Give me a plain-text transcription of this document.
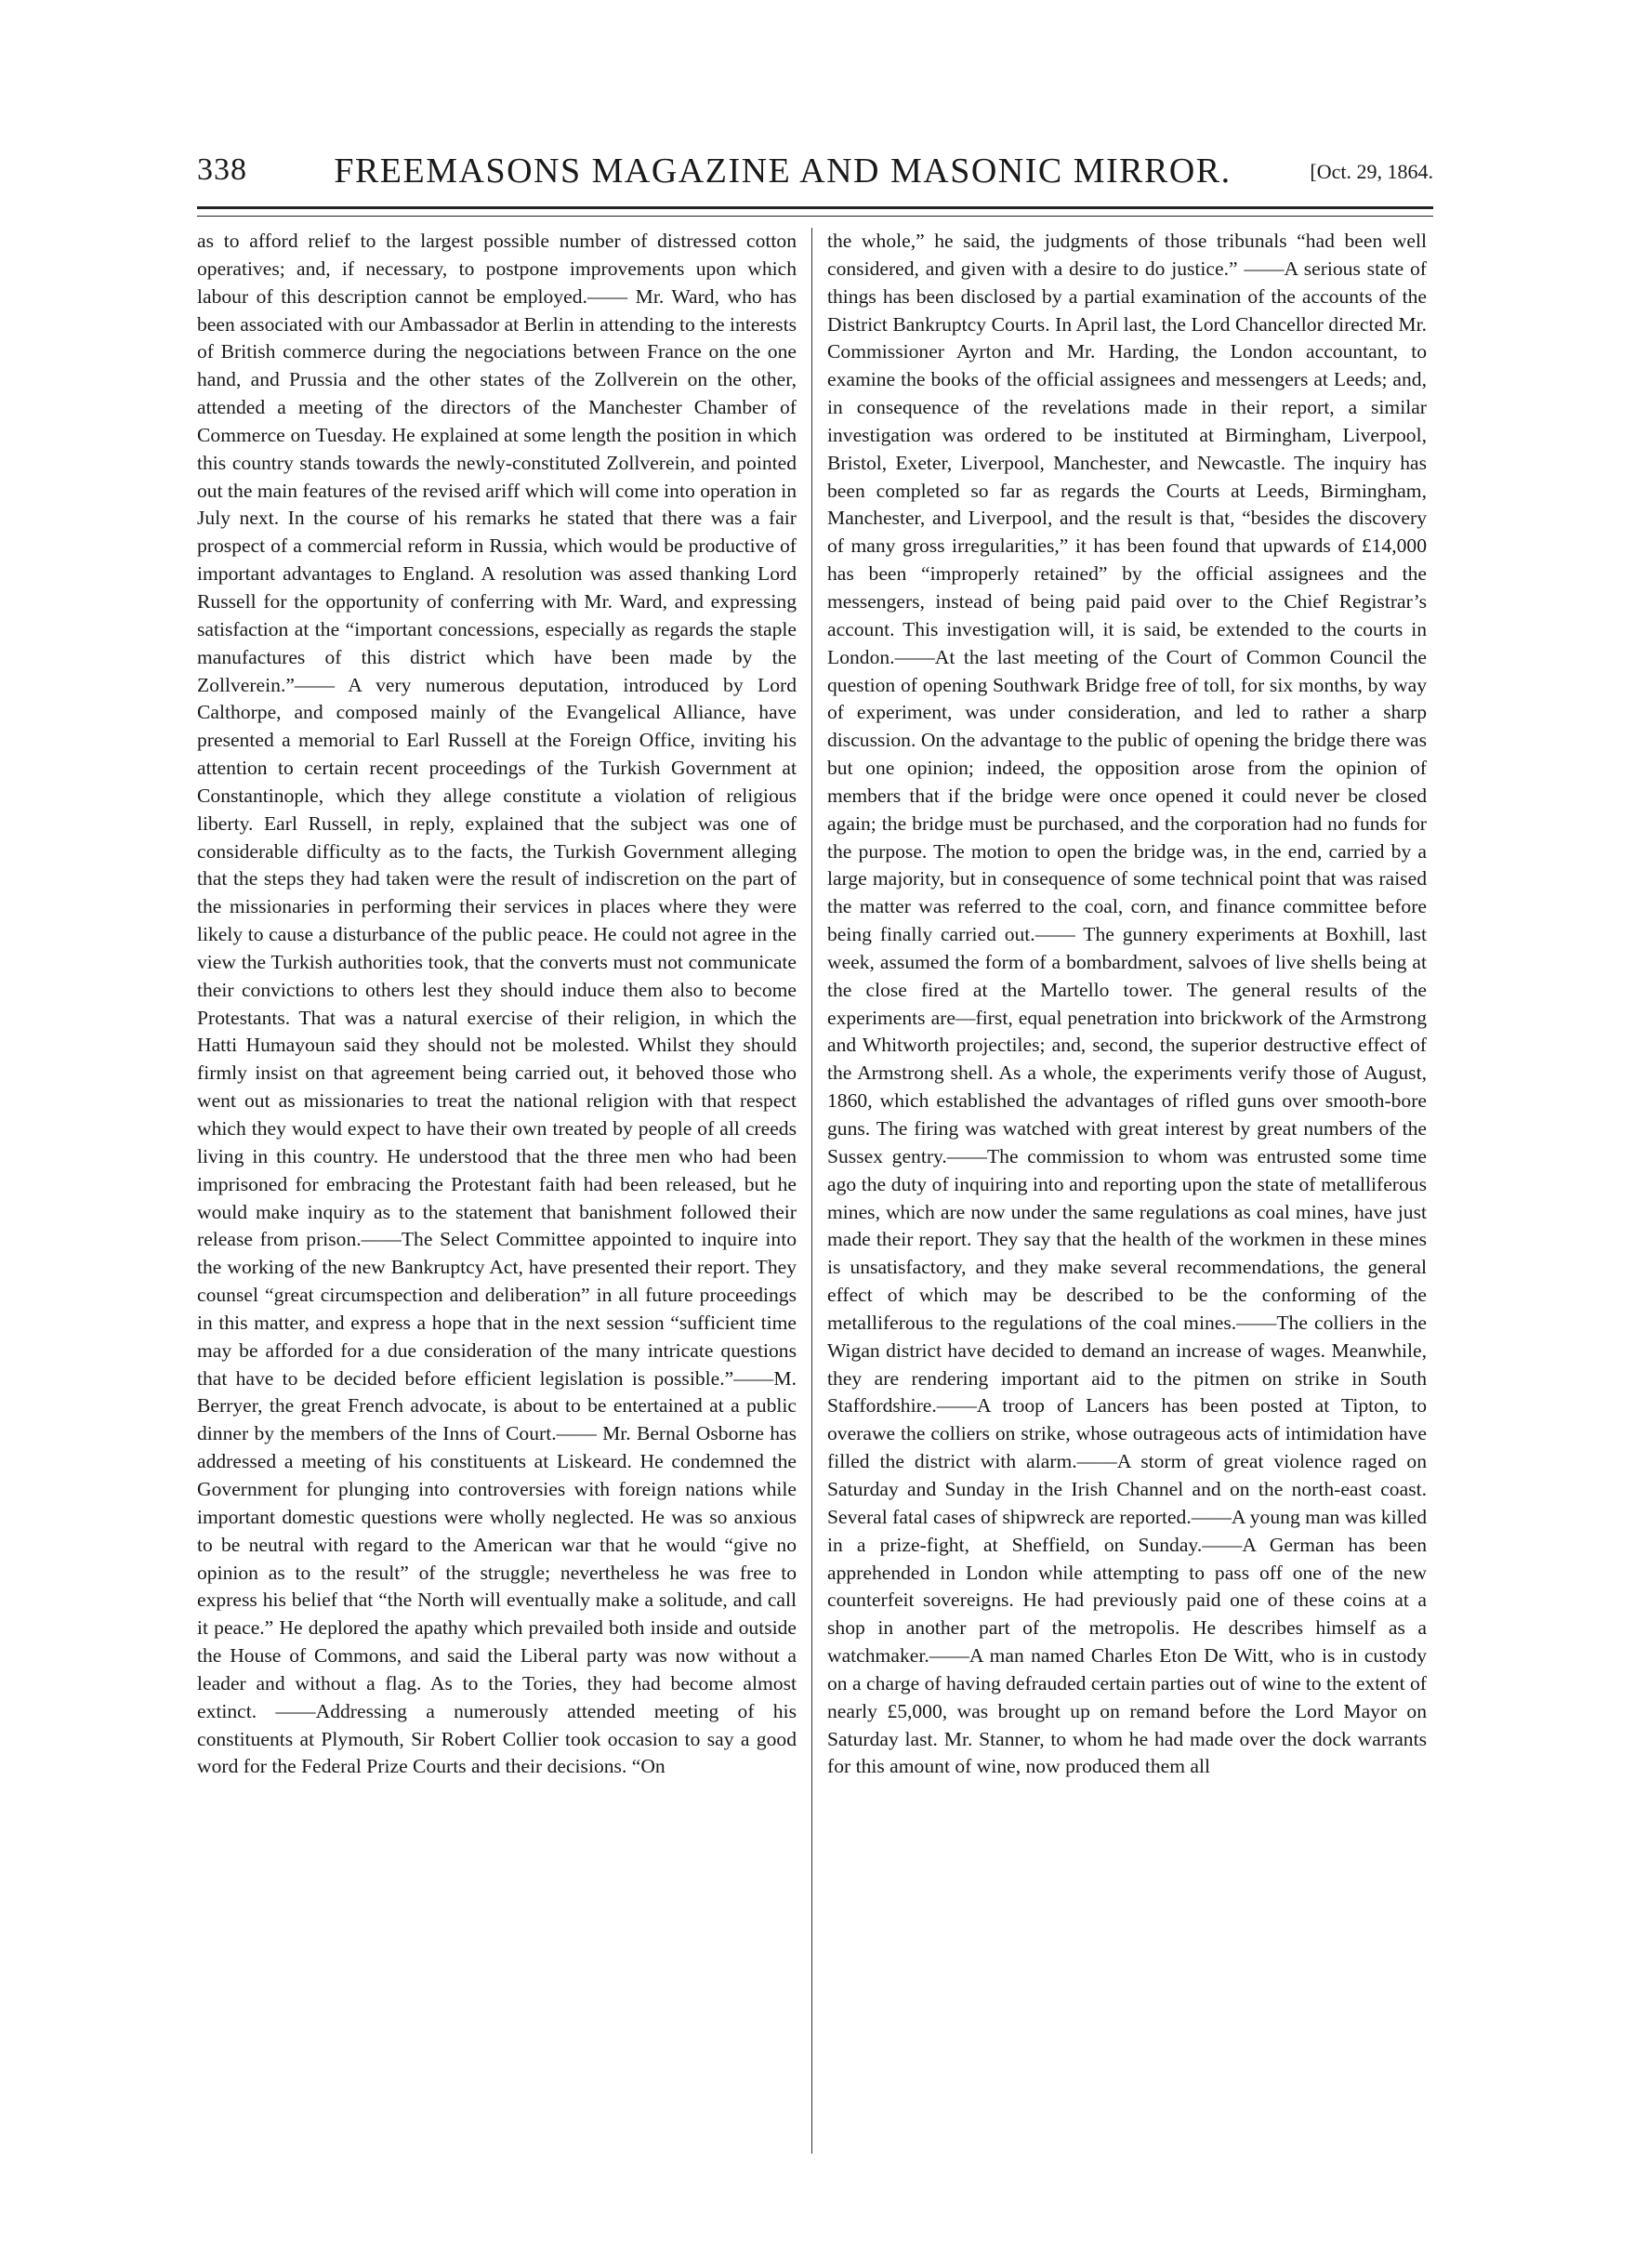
338	FREEMASONS MAGAZINE AND MASONIC MIRROR.	[Oct. 29, 1864.

as to afford relief to the largest possible number of distressed cotton operatives; and, if necessary, to postpone improvements upon which labour of this description cannot be employed.—— Mr. Ward, who has been associated with our Ambassador at Berlin in attending to the interests of British commerce during the negociations between France on the one hand, and Prussia and the other states of the Zollverein on the other, attended a meeting of the directors of the Manchester Chamber of Commerce on Tuesday. He explained at some length the position in which this country stands towards the newly-constituted Zollverein, and pointed out the main features of the revised ariff which will come into operation in July next. In the course of his remarks he stated that there was a fair prospect of a commercial reform in Russia, which would be productive of important advantages to England. A resolution was assed thanking Lord Russell for the opportunity of conferring with Mr. Ward, and expressing satisfaction at the “important concessions, especially as regards the staple manufactures of this district which have been made by the Zollverein.”—— A very numerous deputation, introduced by Lord Calthorpe, and composed mainly of the Evangelical Alliance, have presented a memorial to Earl Russell at the Foreign Office, inviting his attention to certain recent proceedings of the Turkish Government at Constantinople, which they allege constitute a violation of religious liberty. Earl Russell, in reply, explained that the subject was one of considerable difficulty as to the facts, the Turkish Government alleging that the steps they had taken were the result of indiscretion on the part of the missionaries in performing their services in places where they were likely to cause a disturbance of the public peace. He could not agree in the view the Turkish authorities took, that the converts must not communicate their convictions to others lest they should induce them also to become Protestants. That was a natural exercise of their religion, in which the Hatti Humayoun said they should not be molested. Whilst they should firmly insist on that agreement being carried out, it behoved those who went out as missionaries to treat the national religion with that respect which they would expect to have their own treated by people of all creeds living in this country. He understood that the three men who had been imprisoned for embracing the Protestant faith had been released, but he would make inquiry as to the statement that banishment followed their release from prison.——The Select Committee appointed to inquire into the working of the new Bankruptcy Act, have presented their report. They counsel “great circumspection and deliberation” in all future proceedings in this matter, and express a hope that in the next session “sufficient time may be afforded for a due consideration of the many intricate questions that have to be decided before efficient legislation is possible.”——M. Berryer, the great French advocate, is about to be entertained at a public dinner by the members of the Inns of Court.—— Mr. Bernal Osborne has addressed a meeting of his constituents at Liskeard. He condemned the Government for plunging into controversies with foreign nations while important domestic questions were wholly neglected. He was so anxious to be neutral with regard to the American war that he would “give no opinion as to the result” of the struggle; nevertheless he was free to express his belief that “the North will eventually make a solitude, and call it peace.” He deplored the apathy which prevailed both inside and outside the House of Commons, and said the Liberal party was now without a leader and without a flag. As to the Tories, they had become almost extinct. ——Addressing a numerously attended meeting of his constituents at Plymouth, Sir Robert Collier took occasion to say a good word for the Federal Prize Courts and their decisions. “On

the whole,” he said, the judgments of those tribunals “had been well considered, and given with a desire to do justice.” ——A serious state of things has been disclosed by a partial examination of the accounts of the District Bankruptcy Courts. In April last, the Lord Chancellor directed Mr. Commissioner Ayrton and Mr. Harding, the London accountant, to examine the books of the official assignees and messengers at Leeds; and, in consequence of the revelations made in their report, a similar investigation was ordered to be instituted at Birmingham, Liverpool, Bristol, Exeter, Liverpool, Manchester, and Newcastle. The inquiry has been completed so far as regards the Courts at Leeds, Birmingham, Manchester, and Liverpool, and the result is that, “besides the discovery of many gross irregularities,” it has been found that upwards of £14,000 has been “improperly retained” by the official assignees and the messengers, instead of being paid paid over to the Chief Registrar’s account. This investigation will, it is said, be extended to the courts in London.——At the last meeting of the Court of Common Council the question of opening Southwark Bridge free of toll, for six months, by way of experiment, was under consideration, and led to rather a sharp discussion. On the advantage to the public of opening the bridge there was but one opinion; indeed, the opposition arose from the opinion of members that if the bridge were once opened it could never be closed again; the bridge must be purchased, and the corporation had no funds for the purpose. The motion to open the bridge was, in the end, carried by a large majority, but in consequence of some technical point that was raised the matter was referred to the coal, corn, and finance committee before being finally carried out.—— The gunnery experiments at Boxhill, last week, assumed the form of a bombardment, salvoes of live shells being at the close fired at the Martello tower. The general results of the experiments are—first, equal penetration into brickwork of the Armstrong and Whitworth projectiles; and, second, the superior destructive effect of the Armstrong shell. As a whole, the experiments verify those of August, 1860, which established the advantages of rifled guns over smooth-bore guns. The firing was watched with great interest by great numbers of the Sussex gentry.——The commission to whom was entrusted some time ago the duty of inquiring into and reporting upon the state of metalliferous mines, which are now under the same regulations as coal mines, have just made their report. They say that the health of the workmen in these mines is unsatisfactory, and they make several recommendations, the general effect of which may be described to be the conforming of the metalliferous to the regulations of the coal mines.——The colliers in the Wigan district have decided to demand an increase of wages. Meanwhile, they are rendering important aid to the pitmen on strike in South Staffordshire.——A troop of Lancers has been posted at Tipton, to overawe the colliers on strike, whose outrageous acts of intimidation have filled the district with alarm.——A storm of great violence raged on Saturday and Sunday in the Irish Channel and on the north-east coast. Several fatal cases of shipwreck are reported.——A young man was killed in a prize-fight, at Sheffield, on Sunday.——A German has been apprehended in London while attempting to pass off one of the new counterfeit sovereigns. He had previously paid one of these coins at a shop in another part of the metropolis. He describes himself as a watchmaker.——A man named Charles Eton De Witt, who is in custody on a charge of having defrauded certain parties out of wine to the extent of nearly £5,000, was brought up on remand before the Lord Mayor on Saturday last. Mr. Stanner, to whom he had made over the dock warrants for this amount of wine, now produced them all
